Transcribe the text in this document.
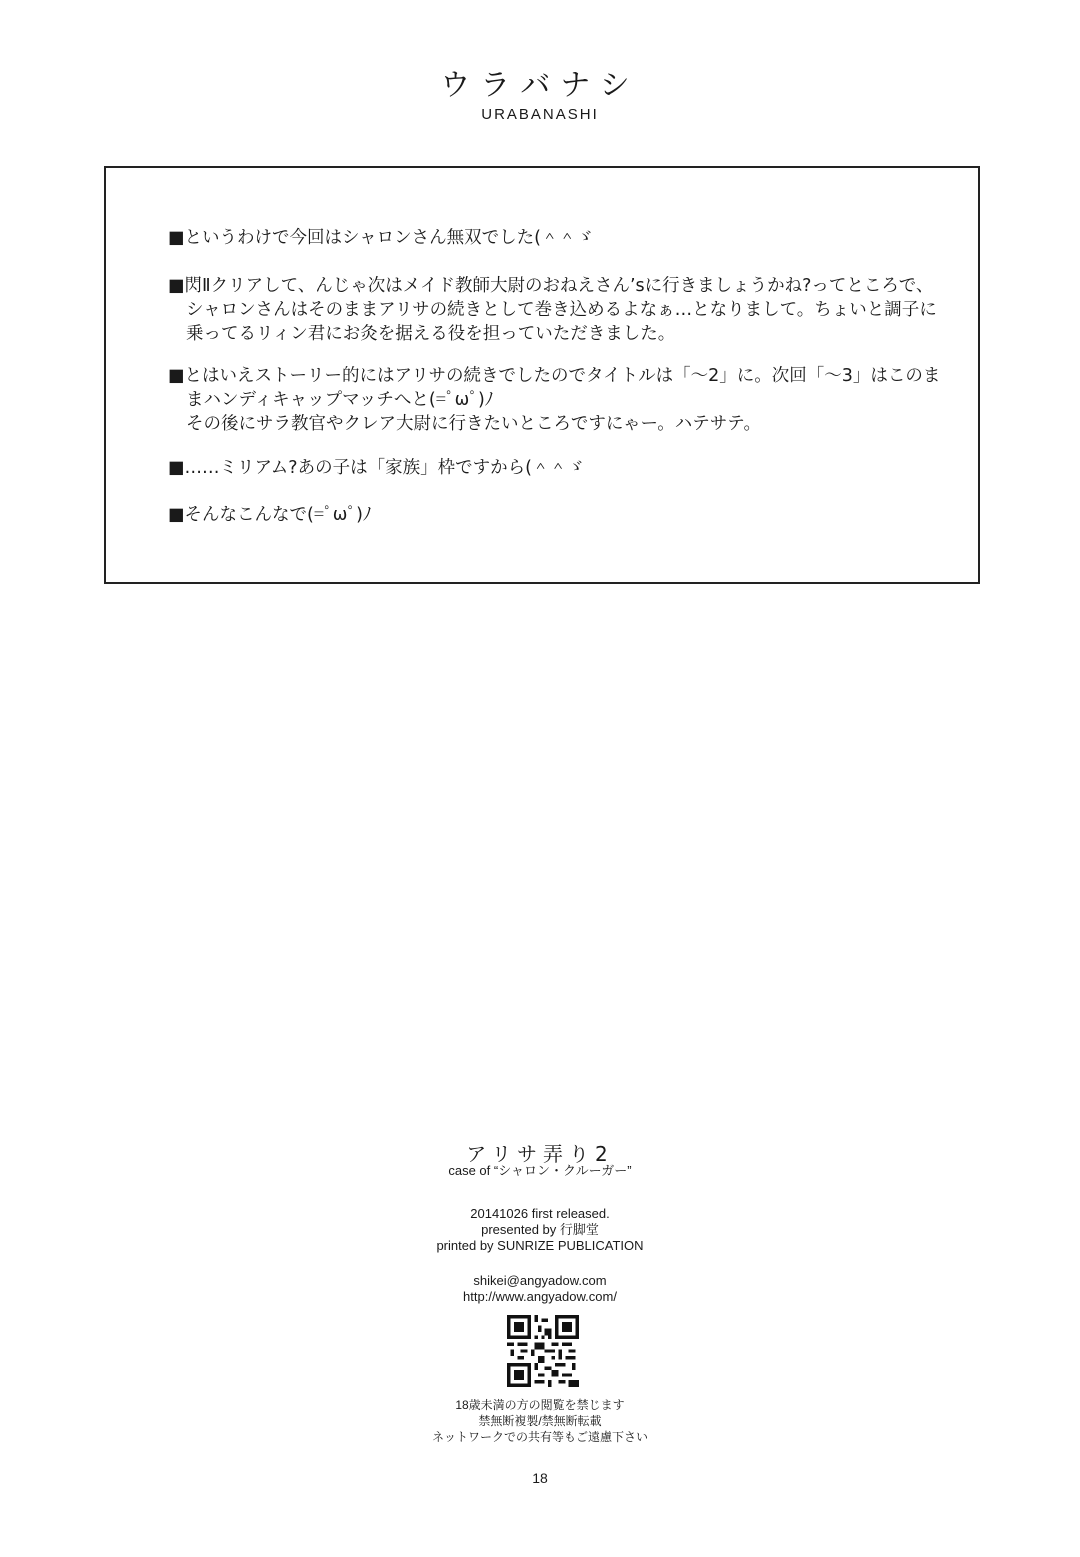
ウラバナシ
URABANASHI
■というわけで今回はシャロンさん無双でした(＾＾ゞ
■閃Ⅱクリアして、んじゃ次はメイド教師大尉のおねえさん’sに行きましょうかね?ってところで、
シャロンさんはそのままアリサの続きとして巻き込めるよなぁ…となりまして。ちょいと調子に
乗ってるリィン君にお灸を据える役を担っていただきました。
■とはいえストーリー的にはアリサの続きでしたのでタイトルは「～2」に。次回「～3」はこのま
まハンディキャップマッチへと(=ﾟωﾟ)ﾉ
その後にサラ教官やクレア大尉に行きたいところですにゃー。ハテサテ。
■……ミリアム?あの子は「家族」枠ですから(＾＾ゞ
■そんなこんなで(=ﾟωﾟ)ﾉ
アリサ弄り2
case of “シャロン・クルーガー”
20141026 first released.
presented by 行脚堂
printed by SUNRIZE PUBLICATION
shikei@angyadow.com
http://www.angyadow.com/
18歳未満の方の閲覧を禁じます
禁無断複製/禁無断転載
ネットワークでの共有等もご遠慮下さい
18
